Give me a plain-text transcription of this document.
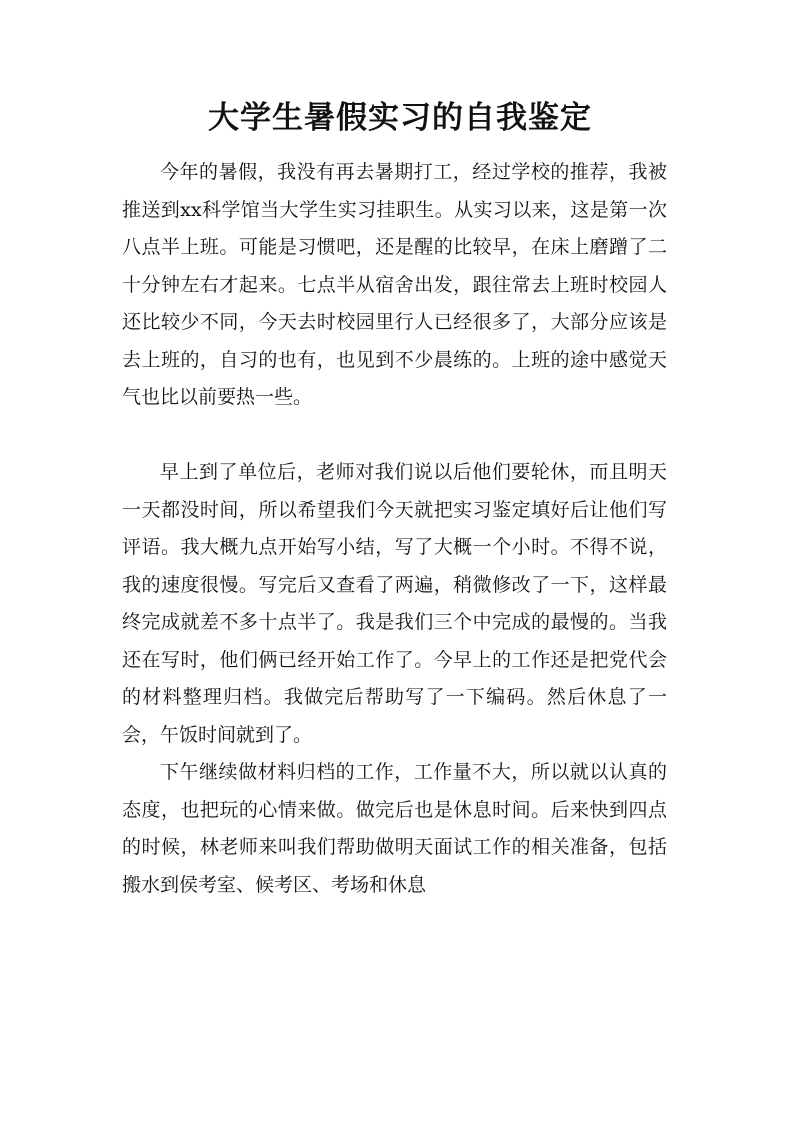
大学生暑假实习的自我鉴定

今年的暑假，我没有再去暑期打工，经过学校的推荐，我被推送到xx科学馆当大学生实习挂职生。从实习以来，这是第一次八点半上班。可能是习惯吧，还是醒的比较早，在床上磨蹭了二十分钟左右才起来。七点半从宿舍出发，跟往常去上班时校园人还比较少不同，今天去时校园里行人已经很多了，大部分应该是去上班的，自习的也有，也见到不少晨练的。上班的途中感觉天气也比以前要热一些。

早上到了单位后，老师对我们说以后他们要轮休，而且明天一天都没时间，所以希望我们今天就把实习鉴定填好后让他们写评语。我大概九点开始写小结，写了大概一个小时。不得不说，我的速度很慢。写完后又查看了两遍，稍微修改了一下，这样最终完成就差不多十点半了。我是我们三个中完成的最慢的。当我还在写时，他们俩已经开始工作了。今早上的工作还是把党代会的材料整理归档。我做完后帮助写了一下编码。然后休息了一会，午饭时间就到了。

下午继续做材料归档的工作，工作量不大，所以就以认真的态度，也把玩的心情来做。做完后也是休息时间。后来快到四点的时候，林老师来叫我们帮助做明天面试工作的相关准备，包括搬水到侯考室、候考区、考场和休息
